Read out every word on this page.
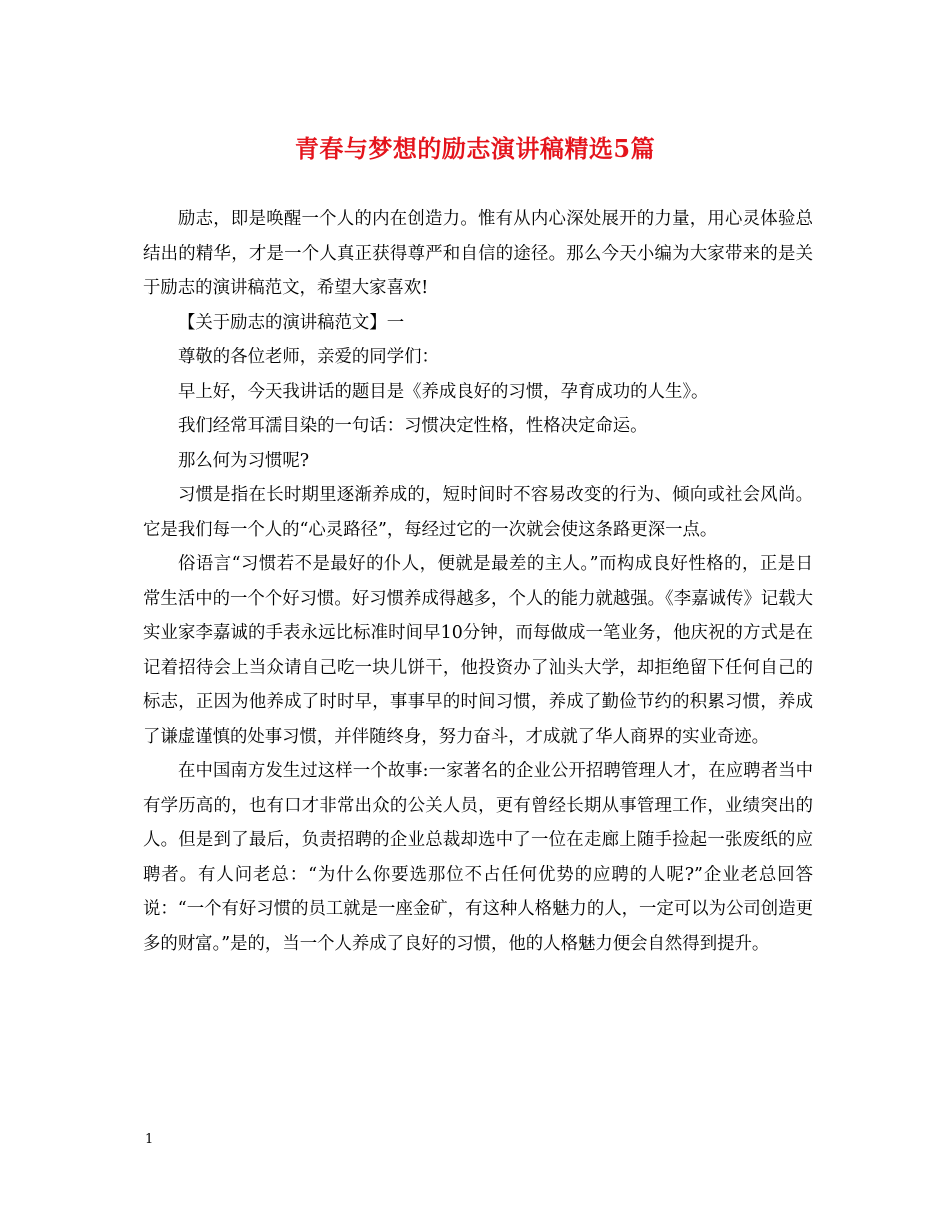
青春与梦想的励志演讲稿精选5篇

励志，即是唤醒一个人的内在创造力。惟有从内心深处展开的力量，用心灵体验总结出的精华，才是一个人真正获得尊严和自信的途径。那么今天小编为大家带来的是关于励志的演讲稿范文，希望大家喜欢!

【关于励志的演讲稿范文】一

尊敬的各位老师，亲爱的同学们：

早上好，今天我讲话的题目是《养成良好的习惯，孕育成功的人生》。

我们经常耳濡目染的一句话：习惯决定性格，性格决定命运。

那么何为习惯呢?

习惯是指在长时期里逐渐养成的，短时间时不容易改变的行为、倾向或社会风尚。它是我们每一个人的“心灵路径”，每经过它的一次就会使这条路更深一点。

俗语言“习惯若不是最好的仆人，便就是最差的主人。”而构成良好性格的，正是日常生活中的一个个好习惯。好习惯养成得越多，个人的能力就越强。《李嘉诚传》记载大实业家李嘉诚的手表永远比标准时间早10分钟，而每做成一笔业务，他庆祝的方式是在记着招待会上当众请自己吃一块儿饼干，他投资办了汕头大学，却拒绝留下任何自己的标志，正因为他养成了时时早，事事早的时间习惯，养成了勤俭节约的积累习惯，养成了谦虚谨慎的处事习惯，并伴随终身，努力奋斗，才成就了华人商界的实业奇迹。

在中国南方发生过这样一个故事:一家著名的企业公开招聘管理人才，在应聘者当中有学历高的，也有口才非常出众的公关人员，更有曾经长期从事管理工作，业绩突出的人。但是到了最后，负责招聘的企业总裁却选中了一位在走廊上随手捡起一张废纸的应聘者。有人问老总：“为什么你要选那位不占任何优势的应聘的人呢?”企业老总回答说：“一个有好习惯的员工就是一座金矿，有这种人格魅力的人，一定可以为公司创造更多的财富。”是的，当一个人养成了良好的习惯，他的人格魅力便会自然得到提升。

1
